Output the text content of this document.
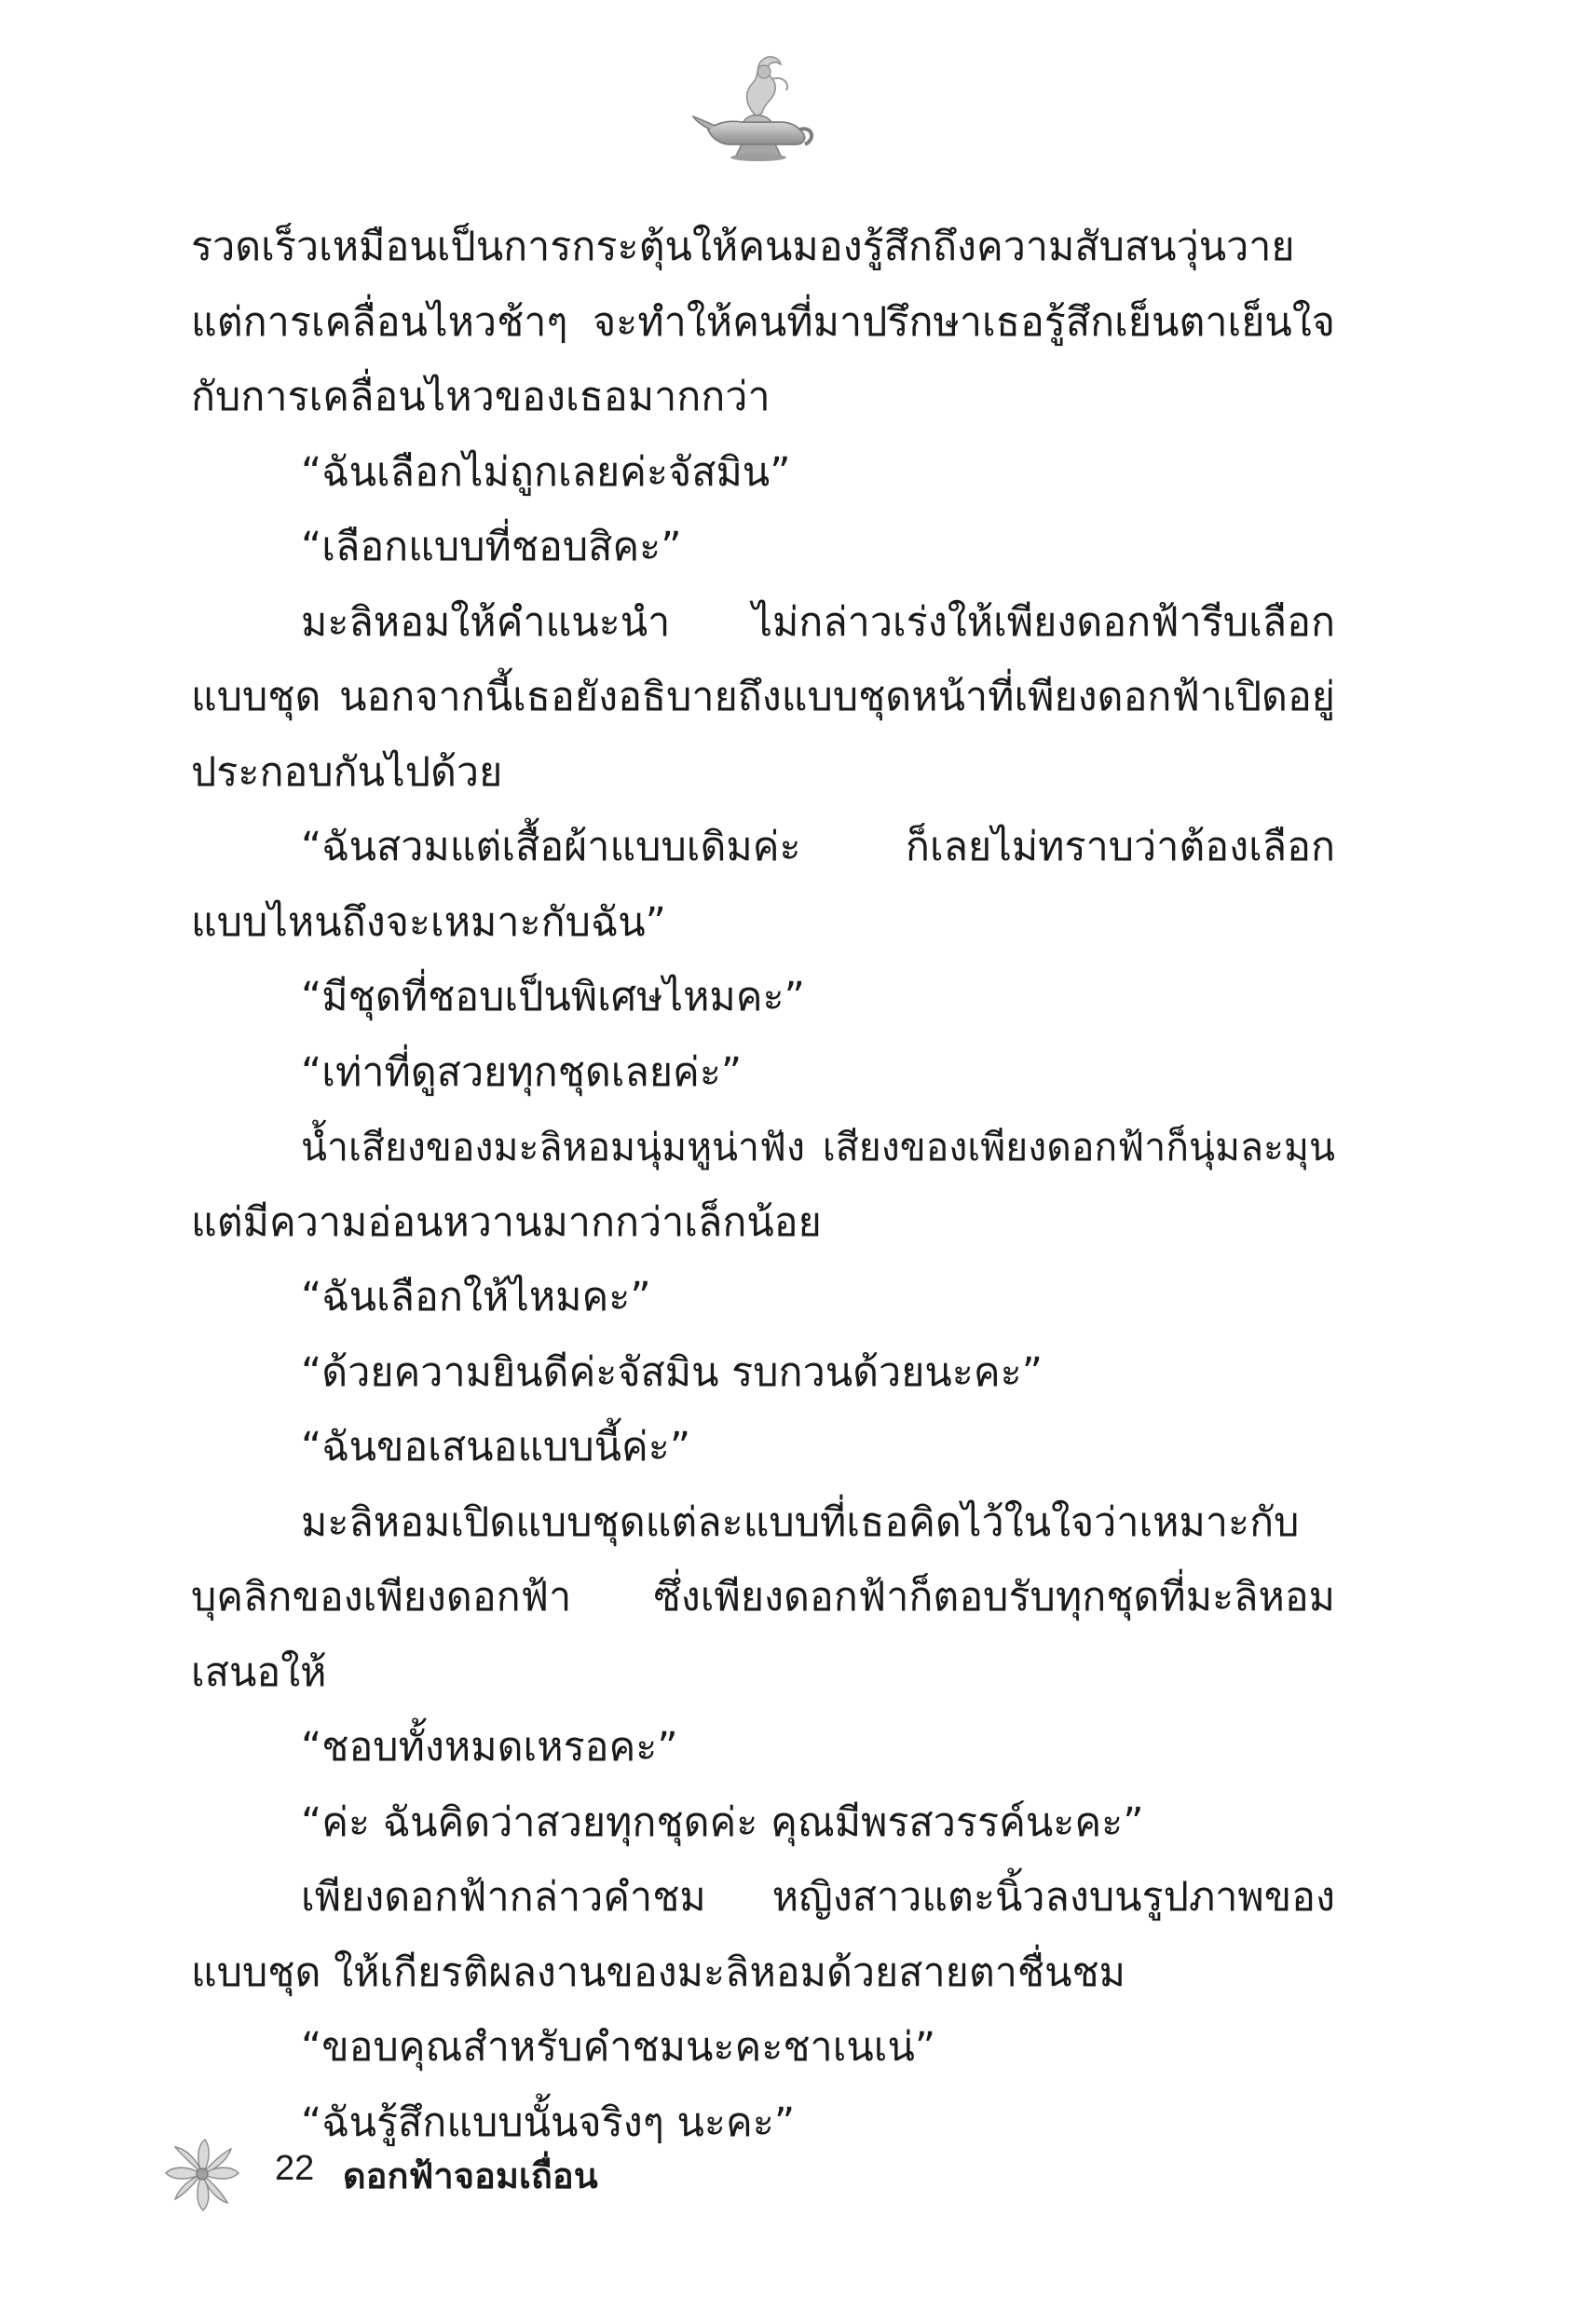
รวดเร็วเหมือนเป็นการกระตุ้นให้คนมองรู้สึกถึงความสับสนวุ่นวาย

แต่การเคลื่อนไหวช้าๆ จะทำให้คนที่มาปรึกษาเธอรู้สึกเย็นตาเย็นใจ

กับการเคลื่อนไหวของเธอมากกว่า

“ฉันเลือกไม่ถูกเลยค่ะจัสมิน”

“เลือกแบบที่ชอบสิคะ”

มะลิหอมให้คำแนะนำ ไม่กล่าวเร่งให้เพียงดอกฟ้ารีบเลือก

แบบชุด นอกจากนี้เธอยังอธิบายถึงแบบชุดหน้าที่เพียงดอกฟ้าเปิดอยู่

ประกอบกันไปด้วย

“ฉันสวมแต่เสื้อผ้าแบบเดิมค่ะ ก็เลยไม่ทราบว่าต้องเลือก

แบบไหนถึงจะเหมาะกับฉัน”

“มีชุดที่ชอบเป็นพิเศษไหมคะ”

“เท่าที่ดูสวยทุกชุดเลยค่ะ”

น้ำเสียงของมะลิหอมนุ่มหูน่าฟัง เสียงของเพียงดอกฟ้าก็นุ่มละมุน

แต่มีความอ่อนหวานมากกว่าเล็กน้อย

“ฉันเลือกให้ไหมคะ”

“ด้วยความยินดีค่ะจัสมิน รบกวนด้วยนะคะ”

“ฉันขอเสนอแบบนี้ค่ะ”

มะลิหอมเปิดแบบชุดแต่ละแบบที่เธอคิดไว้ในใจว่าเหมาะกับ

บุคลิกของเพียงดอกฟ้า ซึ่งเพียงดอกฟ้าก็ตอบรับทุกชุดที่มะลิหอม

เสนอให้

“ชอบทั้งหมดเหรอคะ”

“ค่ะ ฉันคิดว่าสวยทุกชุดค่ะ คุณมีพรสวรรค์นะคะ”

เพียงดอกฟ้ากล่าวคำชม หญิงสาวแตะนิ้วลงบนรูปภาพของ

แบบชุด ให้เกียรติผลงานของมะลิหอมด้วยสายตาชื่นชม

“ขอบคุณสำหรับคำชมนะคะชาเนเน่”

“ฉันรู้สึกแบบนั้นจริงๆ นะคะ”

22 ดอกฟ้าจอมเถื่อน
